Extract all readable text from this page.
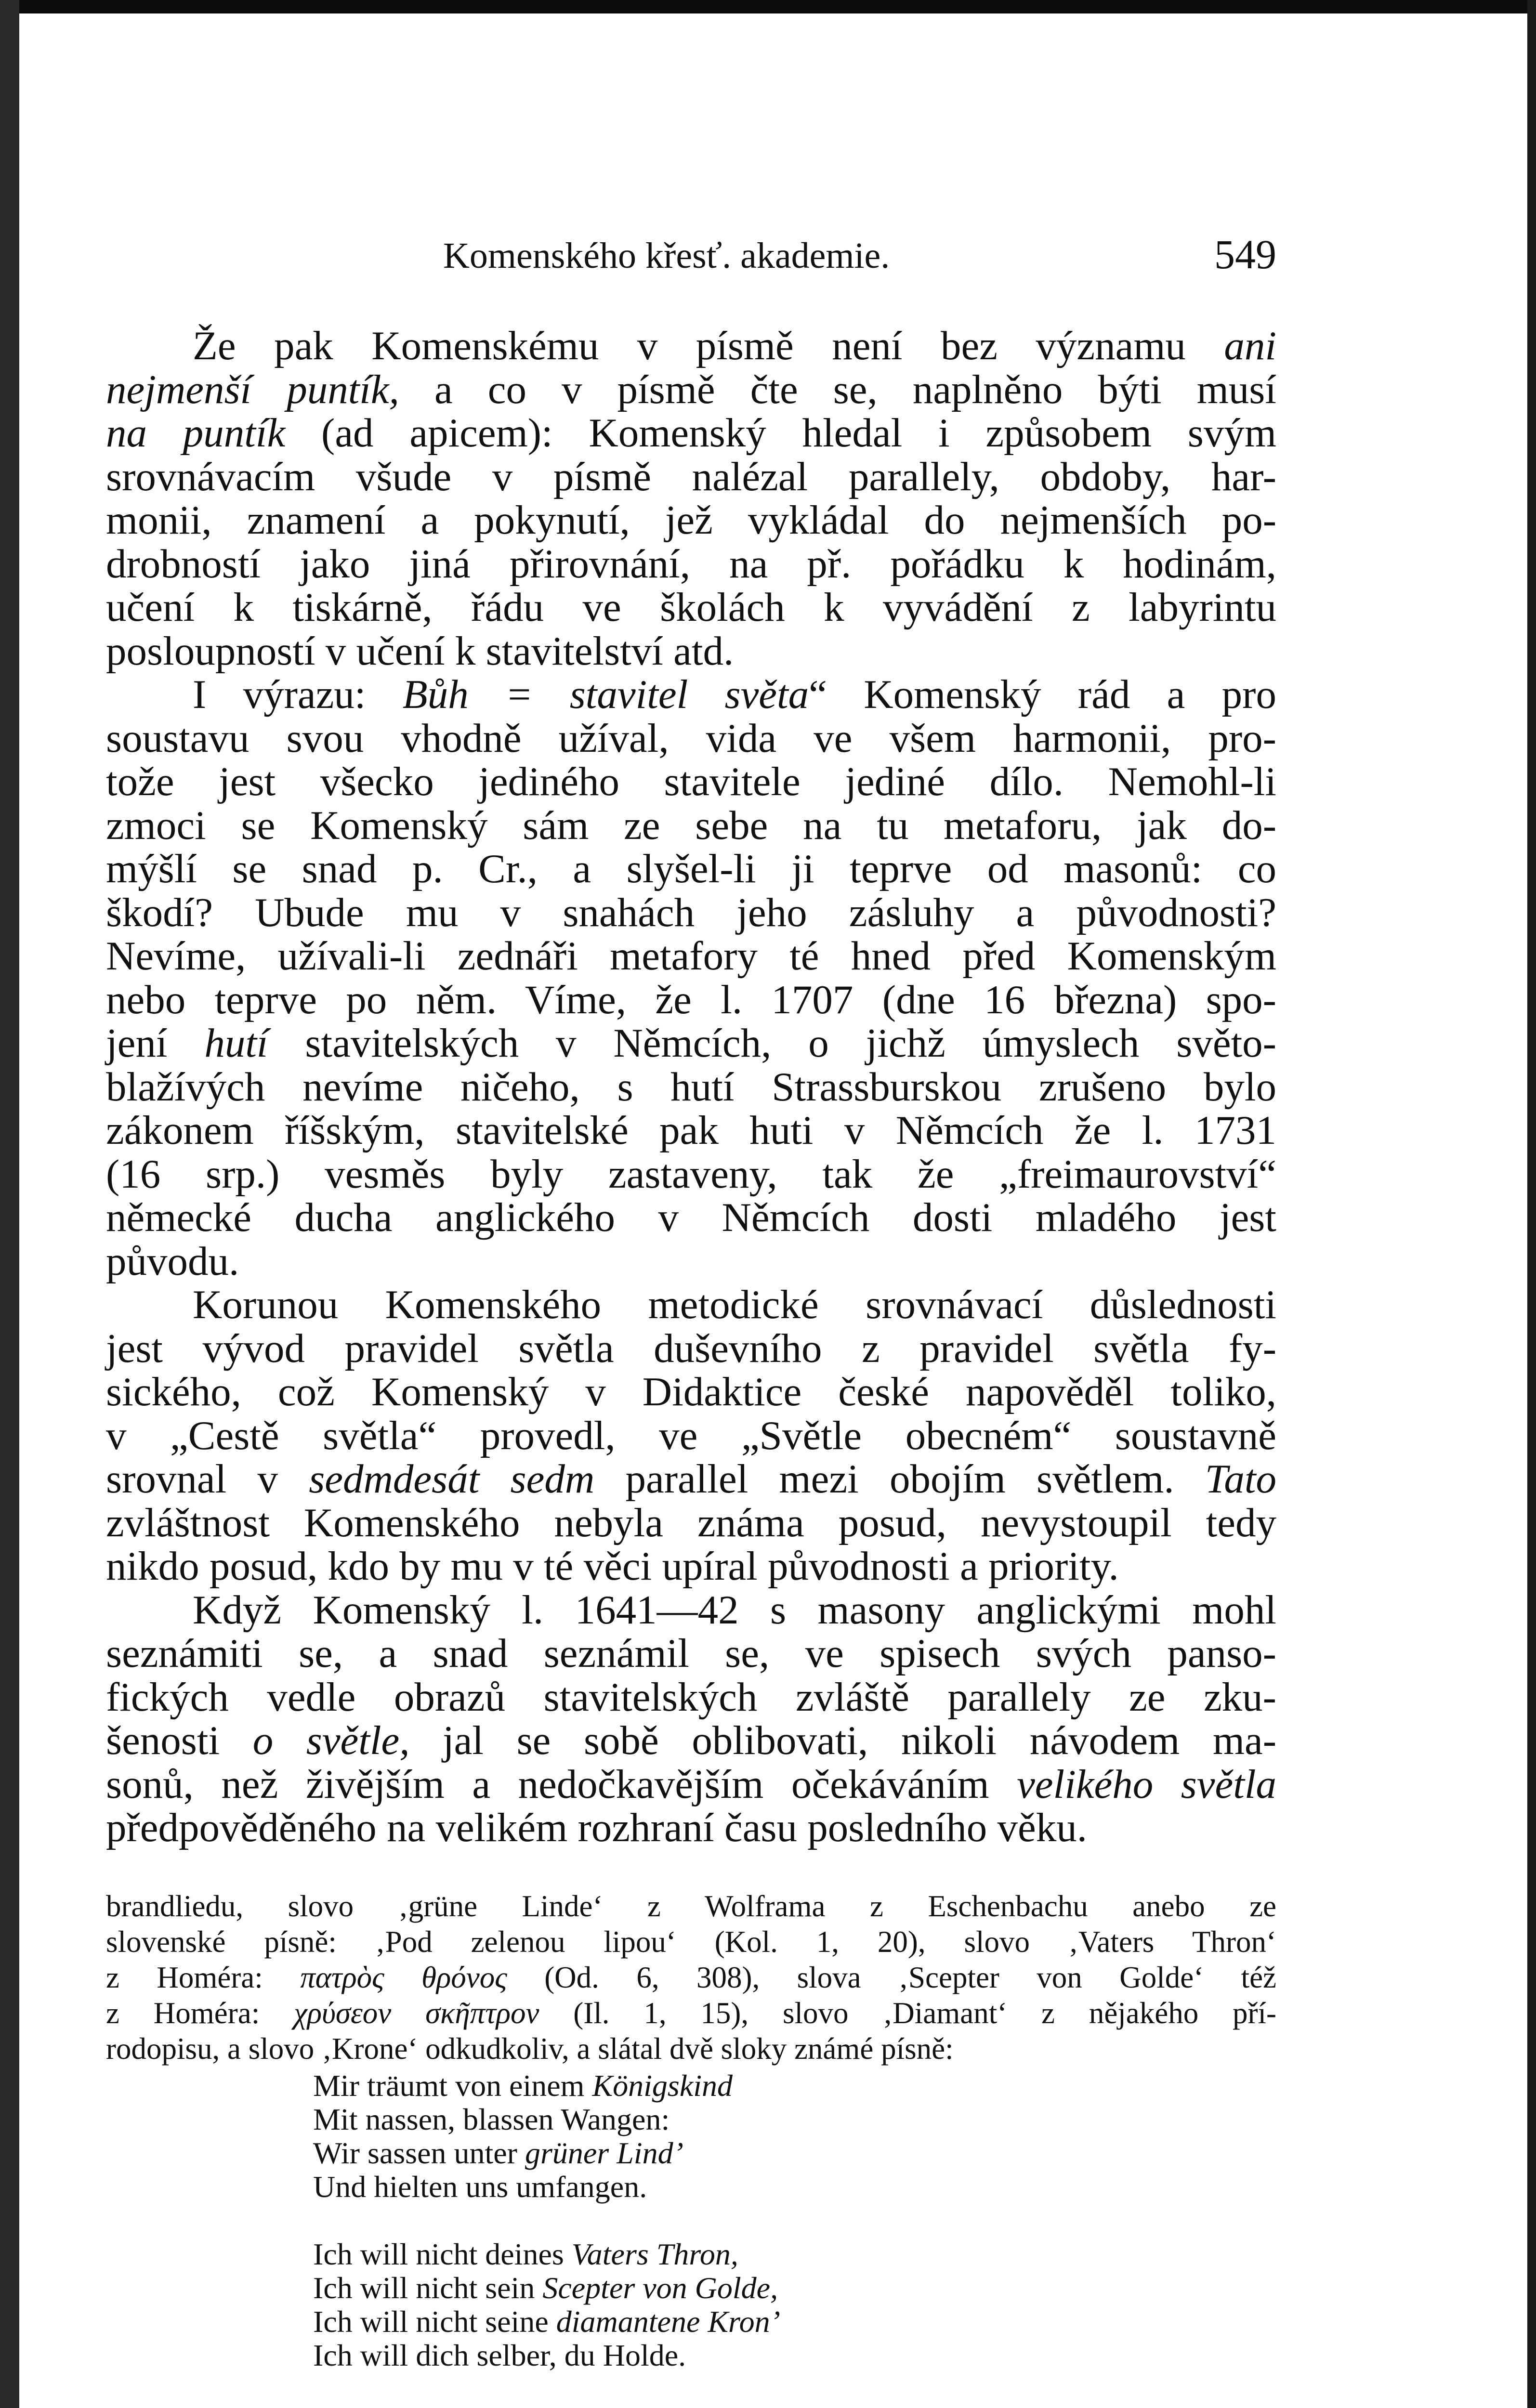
Komenského křesť. akademie.	549
Že pak Komenskému v písmě není bez významu ani
nejmenší puntík, a co v písmě čte se, naplněno býti musí
na puntík (ad apicem): Komenský hledal i způsobem svým
srovnávacím všude v písmě nalézal parallely, obdoby, har-
monii, znamení a pokynutí, jež vykládal do nejmenších po-
drobností jako jiná přirovnání, na př. pořádku k hodinám,
učení k tiskárně, řádu ve školách k vyvádění z labyrintu
posloupností v učení k stavitelství atd.
I výrazu: Bůh = stavitel světa“ Komenský rád a pro
soustavu svou vhodně užíval, vida ve všem harmonii, pro-
tože jest všecko jediného stavitele jediné dílo. Nemohl-li
zmoci se Komenský sám ze sebe na tu metaforu, jak do-
mýšlí se snad p. Cr., a slyšel-li ji teprve od masonů: co
škodí? Ubude mu v snahách jeho zásluhy a původnosti?
Nevíme, užívali-li zednáři metafory té hned před Komenským
nebo teprve po něm. Víme, že l. 1707 (dne 16 března) spo-
jení hutí stavitelských v Němcích, o jichž úmyslech světo-
blažívých nevíme ničeho, s hutí Strassburskou zrušeno bylo
zákonem říšským, stavitelské pak huti v Němcích že l. 1731
(16 srp.) vesměs byly zastaveny, tak že „freimaurovství“
německé ducha anglického v Němcích dosti mladého jest
původu.
Korunou Komenského metodické srovnávací důslednosti
jest vývod pravidel světla duševního z pravidel světla fy-
sického, což Komenský v Didaktice české napověděl toliko,
v „Cestě světla“ provedl, ve „Světle obecném“ soustavně
srovnal v sedmdesát sedm parallel mezi obojím světlem. Tato
zvláštnost Komenského nebyla známa posud, nevystoupil tedy
nikdo posud, kdo by mu v té věci upíral původnosti a priority.
Když Komenský l. 1641—42 s masony anglickými mohl
seznámiti se, a snad seznámil se, ve spisech svých panso-
fických vedle obrazů stavitelských zvláště parallely ze zku-
šenosti o světle, jal se sobě oblibovati, nikoli návodem ma-
sonů, než živějším a nedočkavějším očekáváním velikého světla
předpověděného na velikém rozhraní času posledního věku.
brandliedu, slovo ‚grüne Linde‘ z Wolframa z Eschenbachu anebo ze
slovenské písně: ‚Pod zelenou lipou‘ (Kol. 1, 20), slovo ‚Vaters Thron‘
z Homéra: πατρὸς θρόνος (Od. 6, 308), slova ‚Scepter von Golde‘ též
z Homéra: χρύσεον σκῆπτρον (Il. 1, 15), slovo ‚Diamant‘ z nějakého pří-
rodopisu, a slovo ‚Krone‘ odkudkoliv, a slátal dvě sloky známé písně:
Mir träumt von einem Königskind
Mit nassen, blassen Wangen:
Wir sassen unter grüner Lind’
Und hielten uns umfangen.
Ich will nicht deines Vaters Thron,
Ich will nicht sein Scepter von Golde,
Ich will nicht seine diamantene Kron’
Ich will dich selber, du Holde.
